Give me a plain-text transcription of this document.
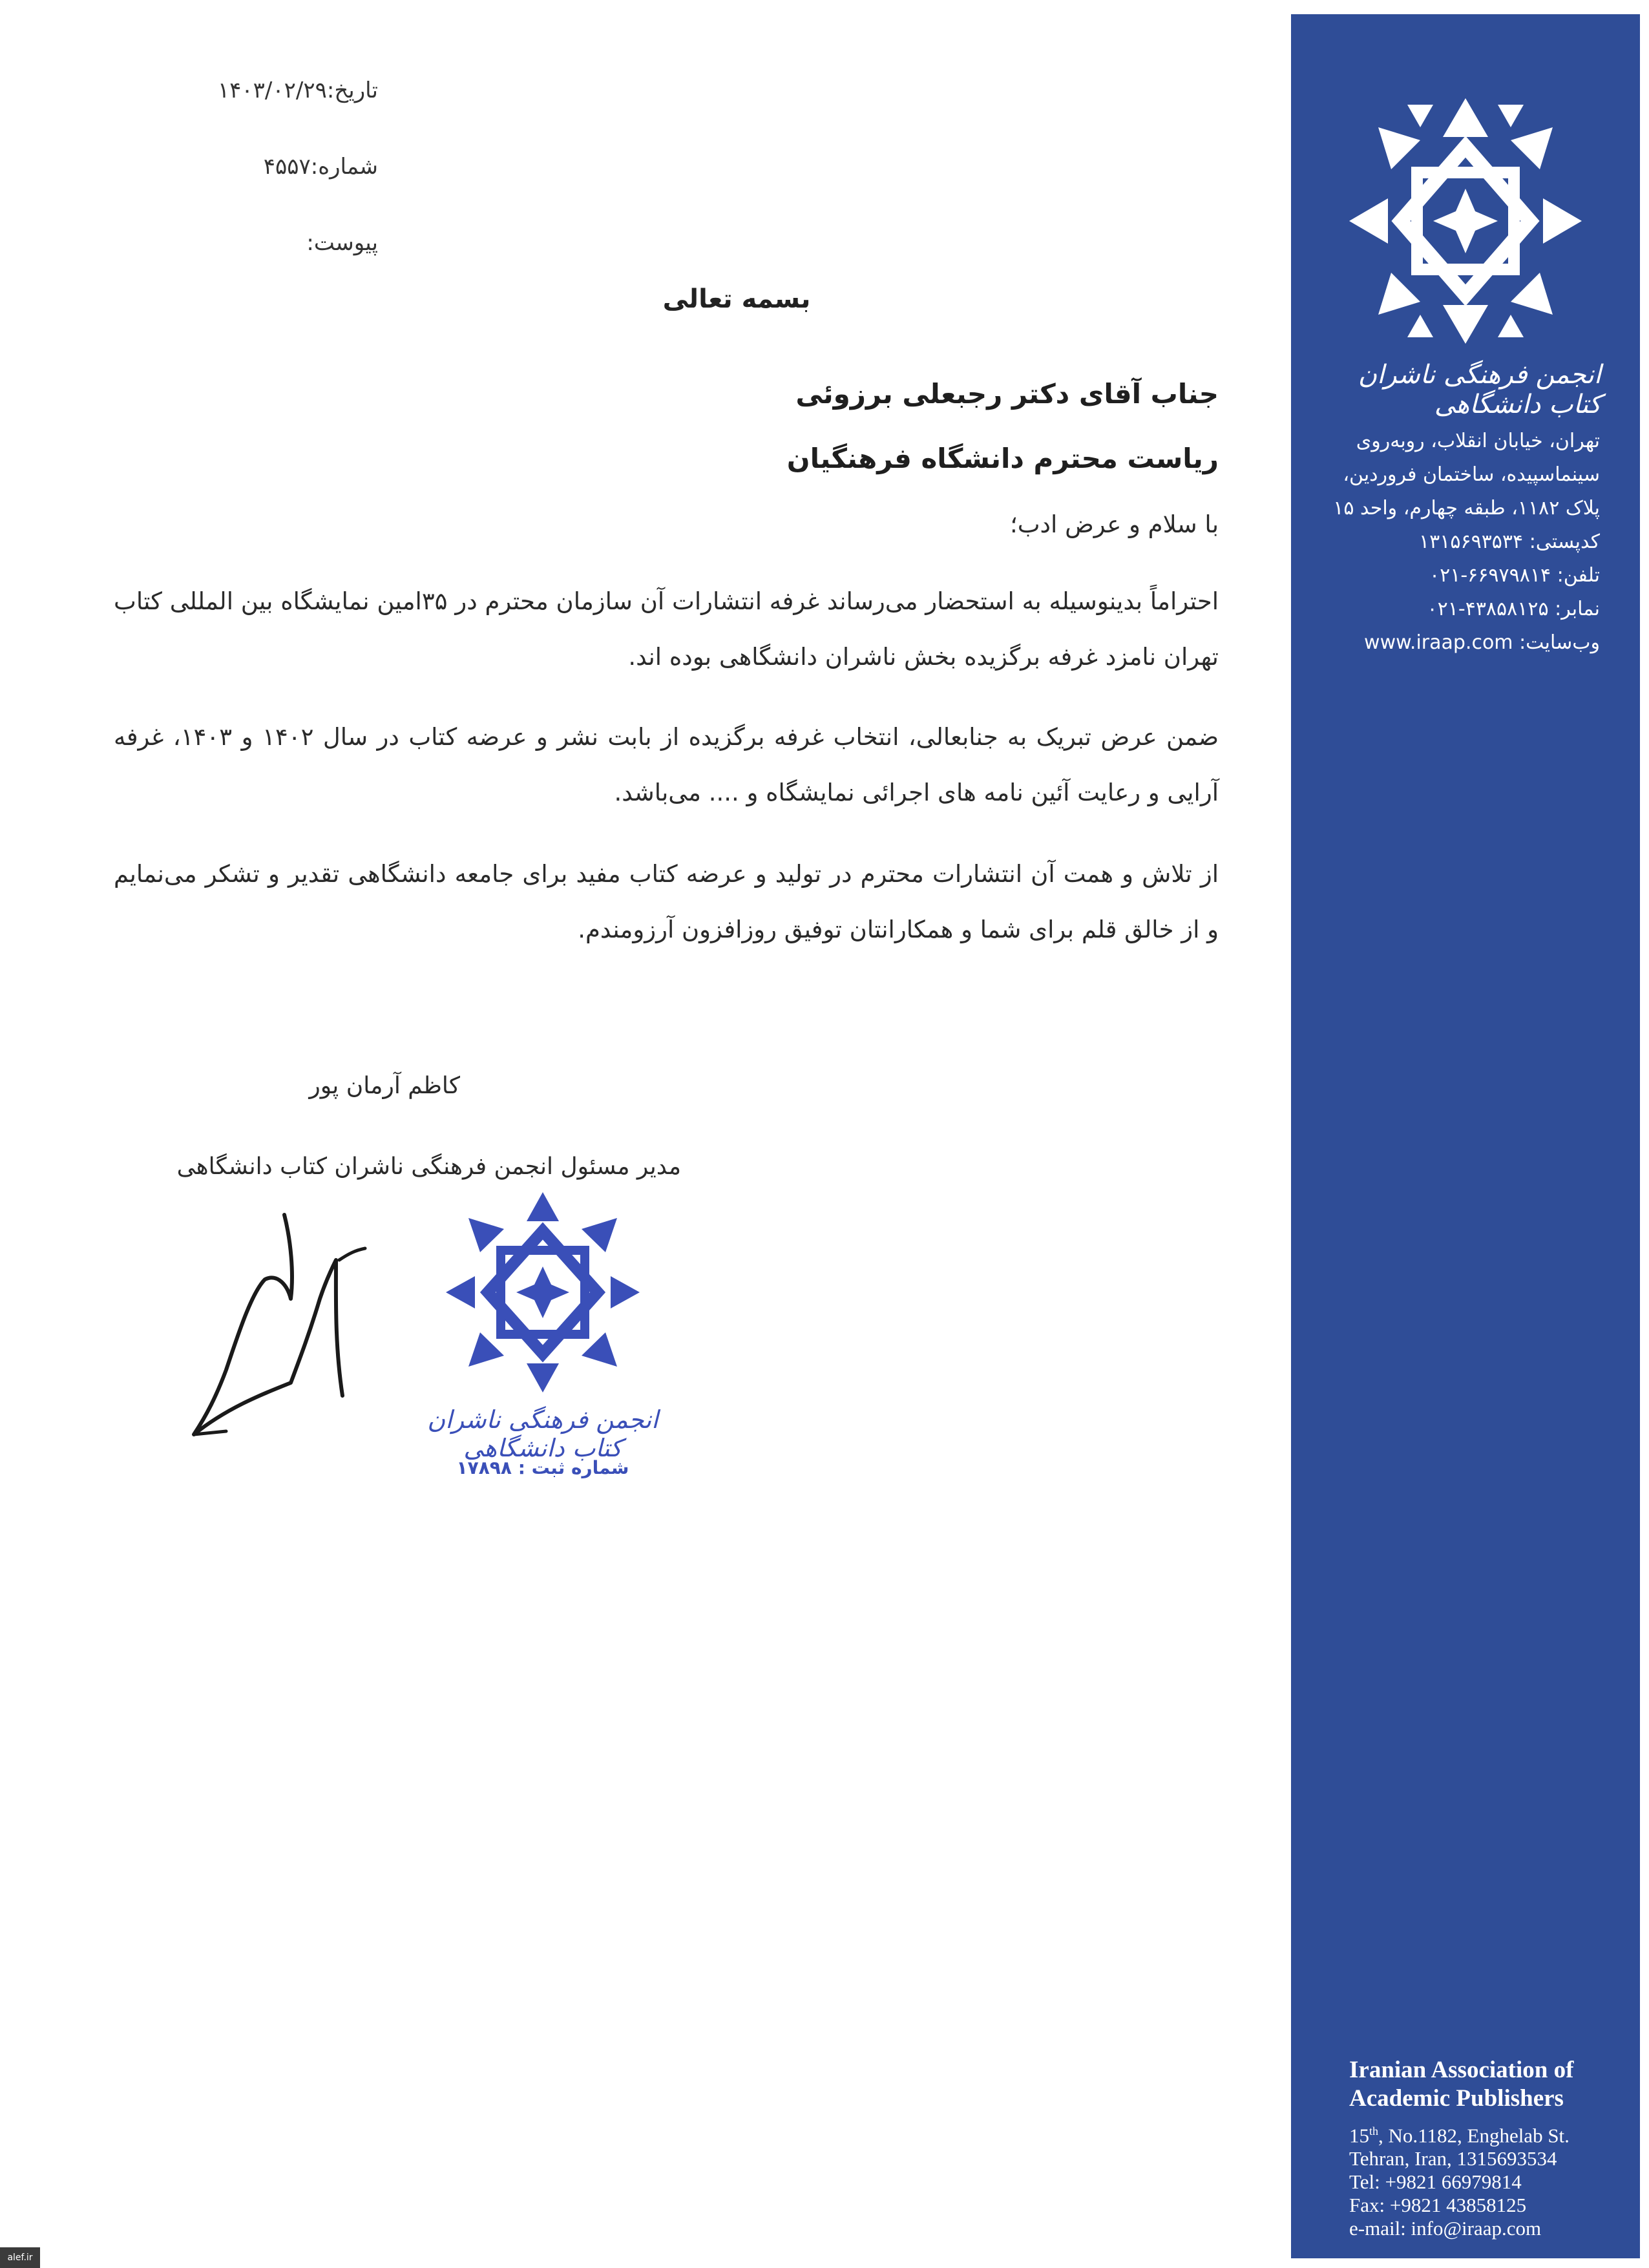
انجمن فرهنگی ناشران کتاب دانشگاهی
تهران، خیابان انقلاب، روبه‌روی
سینماسپیده، ساختمان فروردین،
پلاک ۱۱۸۲، طبقه چهارم، واحد ۱۵
کدپستی: ۱۳۱۵۶۹۳۵۳۴
تلفن: ۶۶۹۷۹۸۱۴-۰۲۱
نمابر: ۴۳۸۵۸۱۲۵-۰۲۱
وب‌سایت: www.iraap.com
Iranian Association of
Academic Publishers
15th, No.1182, Enghelab St.
Tehran, Iran, 1315693534
Tel: +9821 66979814
Fax: +9821 43858125
e-mail: info@iraap.com
تاریخ:۱۴۰۳/۰۲/۲۹
شماره:۴۵۵۷
پیوست:
بسمه تعالی
جناب آقای دکتر رجبعلی برزوئی
ریاست محترم دانشگاه فرهنگیان
با سلام و عرض ادب؛
احتراماً بدینوسیله به استحضار می‌رساند غرفه انتشارات آن سازمان محترم در ۳۵امین نمایشگاه بین المللی کتاب تهران نامزد غرفه برگزیده بخش ناشران دانشگاهی بوده اند.
ضمن عرض تبریک به جنابعالی، انتخاب غرفه برگزیده از بابت نشر و عرضه کتاب در سال ۱۴۰۲ و ۱۴۰۳، غرفه آرایی و رعایت آئین نامه های اجرائی نمایشگاه و .... می‌باشد.
از تلاش و همت آن انتشارات محترم در تولید و عرضه کتاب مفید برای جامعه دانشگاهی تقدیر و تشکر می‌نمایم و از خالق قلم برای شما و همکارانتان توفیق روزافزون آرزومندم.
کاظم آرمان پور
مدیر مسئول انجمن فرهنگی ناشران کتاب دانشگاهی
انجمن فرهنگی ناشران کتاب دانشگاهی
شماره ثبت : ۱۷۸۹۸
alef.ir
